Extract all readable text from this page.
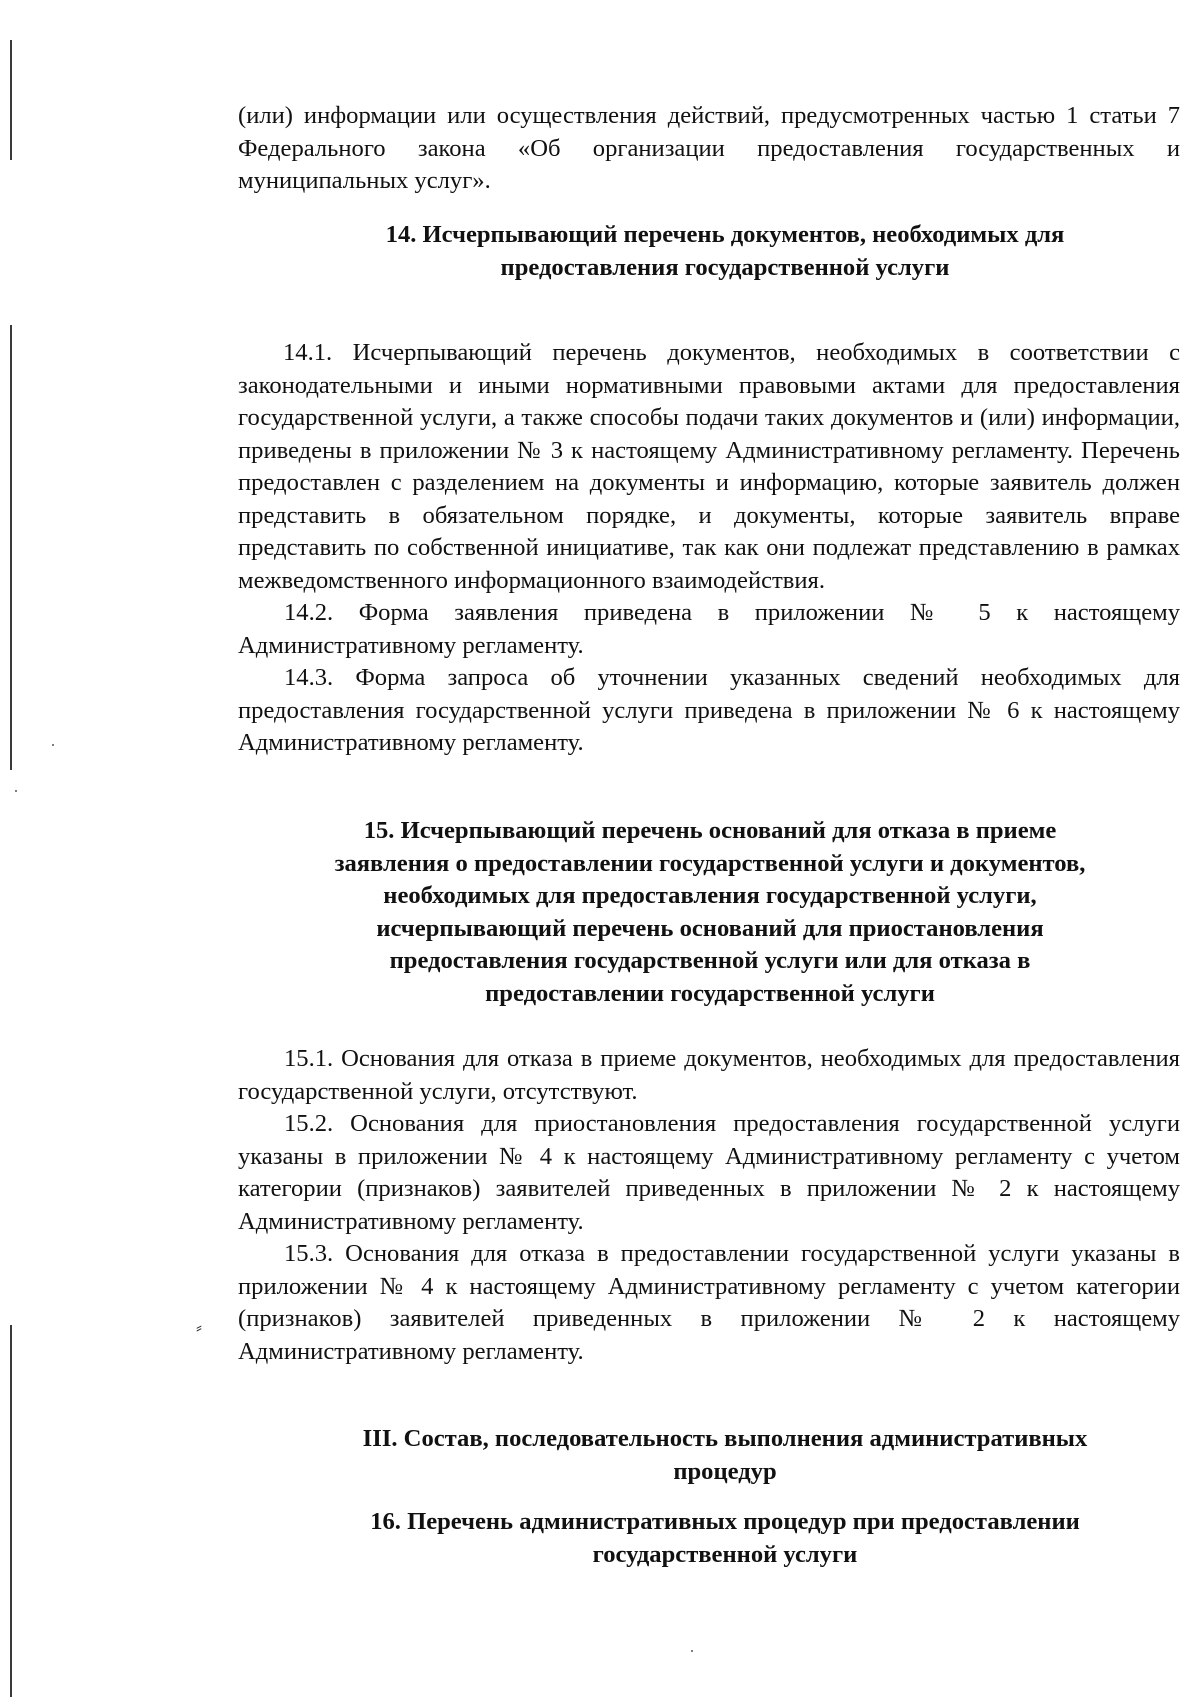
⸗

(или) информации или осуществления действий, предусмотренных частью 1 статьи 7 Федерального закона «Об организации предоставления государственных и муниципальных услуг».

14. Исчерпывающий перечень документов, необходимых для предоставления государственной услуги

14.1. Исчерпывающий перечень документов, необходимых в соответствии с законодательными и иными нормативными правовыми актами для предоставления государственной услуги, а также способы подачи таких документов и (или) информации, приведены в приложении № 3 к настоящему Административному регламенту. Перечень предоставлен с разделением на документы и информацию, которые заявитель должен представить в обязательном порядке, и документы, которые заявитель вправе представить по собственной инициативе, так как они подлежат представлению в рамках межведомственного информационного взаимодействия.

14.2. Форма заявления приведена в приложении № 5 к настоящему Административному регламенту.

14.3. Форма запроса об уточнении указанных сведений необходимых для предоставления государственной услуги приведена в приложении № 6 к настоящему Административному регламенту.

15. Исчерпывающий перечень оснований для отказа в приеме

заявления о предоставлении государственной услуги и документов,

необходимых для предоставления государственной услуги,

исчерпывающий перечень оснований для приостановления

предоставления государственной услуги или для отказа в

предоставлении государственной услуги

15.1. Основания для отказа в приеме документов, необходимых для предоставления государственной услуги, отсутствуют.

15.2. Основания для приостановления предоставления государственной услуги указаны в приложении № 4 к настоящему Административному регламенту с учетом категории (признаков) заявителей приведенных в приложении № 2 к настоящему Административному регламенту.

15.3. Основания для отказа в предоставлении государственной услуги указаны в приложении № 4 к настоящему Административному регламенту с учетом категории (признаков) заявителей приведенных в приложении № 2 к настоящему Административному регламенту.

III. Состав, последовательность выполнения административных

процедур

16. Перечень административных процедур при предоставлении

государственной услуги
